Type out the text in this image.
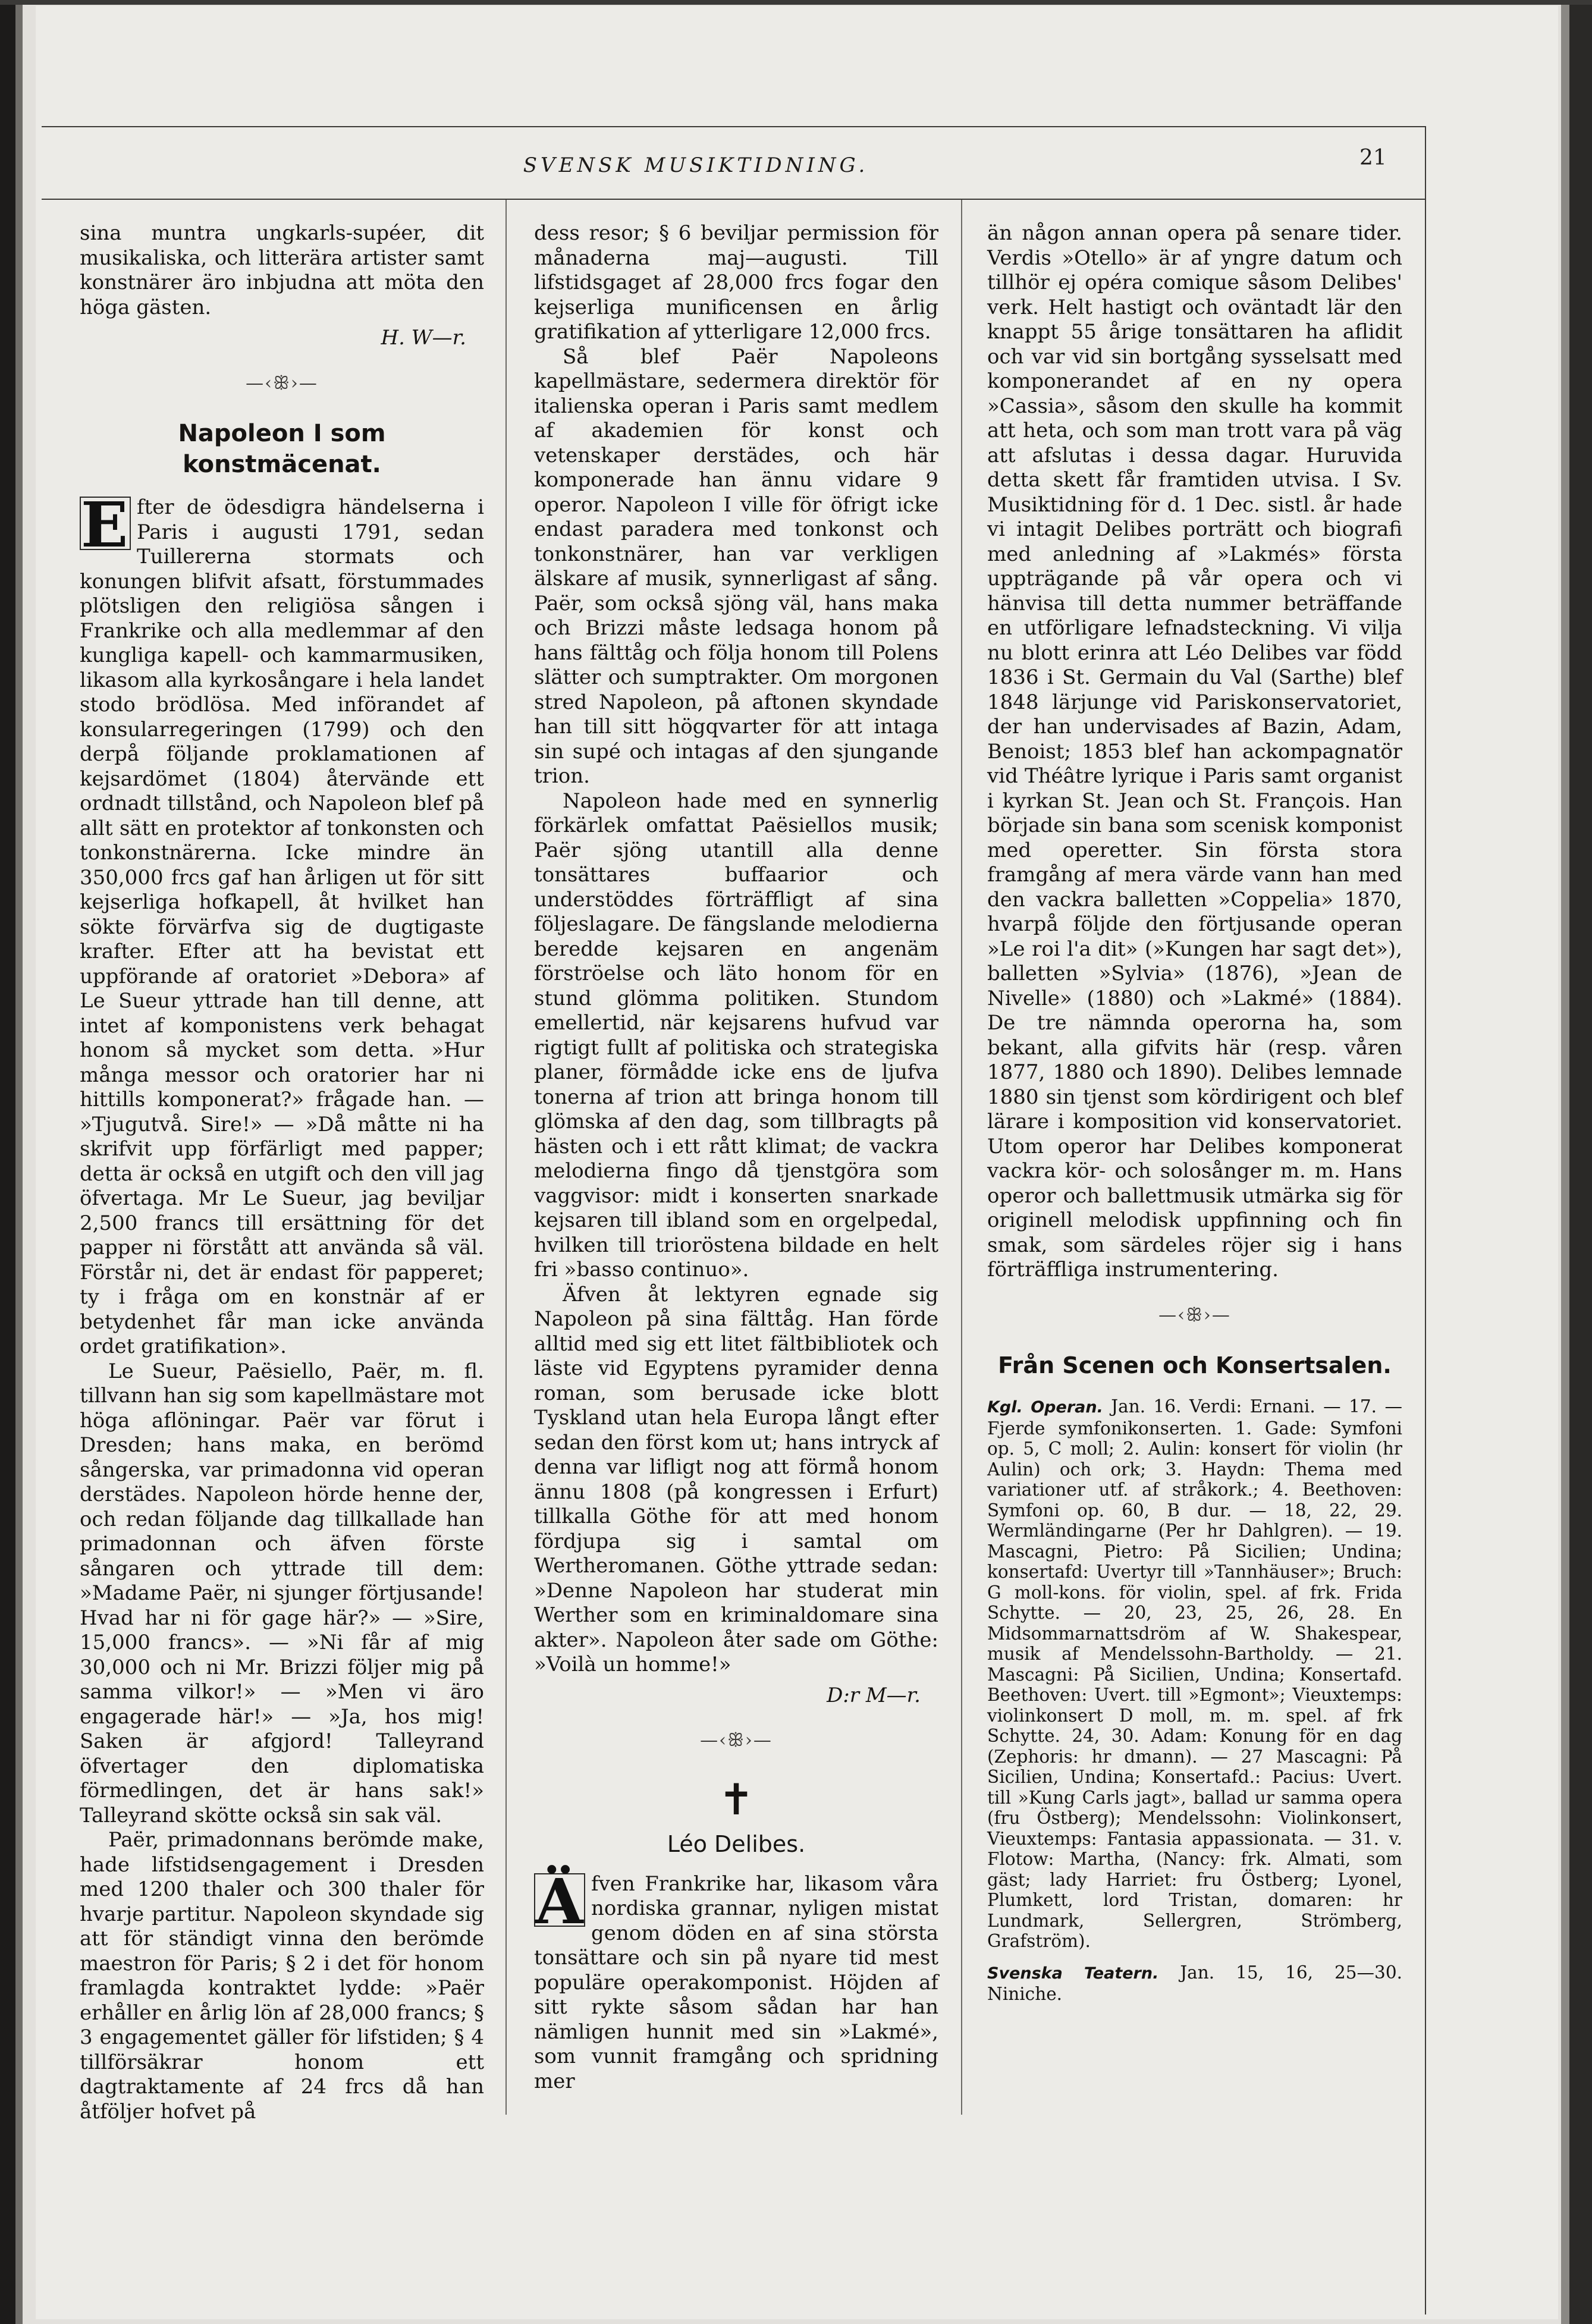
SVENSK MUSIKTIDNING.	21

sina muntra ungkarls-supéer, dit musikaliska, och litterära artister samt konstnärer äro inbjudna att möta den höga gästen.

H. W—r.
—‹ꕥ›—
Napoleon I som konstmäcenat.

E fter de ödesdigra händelserna i Paris i augusti 1791, sedan Tuillererna stormats och konungen blifvit afsatt, förstummades plötsligen den religiösa sången i Frankrike och alla medlemmar af den kungliga kapell- och kammarmusiken, likasom alla kyrkosångare i hela landet stodo brödlösa. Med införandet af konsularregeringen (1799) och den derpå följande proklamationen af kejsardömet (1804) återvände ett ordnadt tillstånd, och Napoleon blef på allt sätt en protektor af tonkonsten och tonkonstnärerna. Icke mindre än 350,000 frcs gaf han årligen ut för sitt kejserliga hofkapell, åt hvilket han sökte förvärfva sig de dugtigaste krafter. Efter att ha bevistat ett uppförande af oratoriet »Debora» af Le Sueur yttrade han till denne, att intet af komponistens verk behagat honom så mycket som detta. »Hur många messor och oratorier har ni hittills komponerat?» frågade han. — »Tjugutvå. Sire!» — »Då måtte ni ha skrifvit upp förfärligt med papper; detta är också en utgift och den vill jag öfvertaga. Mr Le Sueur, jag beviljar 2,500 francs till ersättning för det papper ni förstått att använda så väl. Förstår ni, det är endast för papperet; ty i fråga om en konstnär af er betydenhet får man icke använda ordet gratifikation».

Le Sueur, Paësiello, Paër, m. fl. tillvann han sig som kapellmästare mot höga aflöningar. Paër var förut i Dresden; hans maka, en berömd sångerska, var primadonna vid operan derstädes. Napoleon hörde henne der, och redan följande dag tillkallade han primadonnan och äfven förste sångaren och yttrade till dem: »Madame Paër, ni sjunger förtjusande! Hvad har ni för gage här?» — »Sire, 15,000 francs». — »Ni får af mig 30,000 och ni Mr. Brizzi följer mig på samma vilkor!» — »Men vi äro engagerade här!» — »Ja, hos mig! Saken är afgjord! Talleyrand öfvertager den diplomatiska förmedlingen, det är hans sak!» Talleyrand skötte också sin sak väl.

Paër, primadonnans berömde make, hade lifstidsengagement i Dresden med 1200 thaler och 300 thaler för hvarje partitur. Napoleon skyndade sig att för ständigt vinna den berömde maestron för Paris; § 2 i det för honom framlagda kontraktet lydde: »Paër erhåller en årlig lön af 28,000 francs; § 3 engagementet gäller för lifstiden; § 4 tillförsäkrar honom ett dagtraktamente af 24 frcs då han åtföljer hofvet på

dess resor; § 6 beviljar permission för månaderna maj—augusti. Till lifstidsgaget af 28,000 frcs fogar den kejserliga munificensen en årlig gratifikation af ytterligare 12,000 frcs.

Så blef Paër Napoleons kapellmästare, sedermera direktör för italienska operan i Paris samt medlem af akademien för konst och vetenskaper derstädes, och här komponerade han ännu vidare 9 operor. Napoleon I ville för öfrigt icke endast paradera med tonkonst och tonkonstnärer, han var verkligen älskare af musik, synnerligast af sång. Paër, som också sjöng väl, hans maka och Brizzi måste ledsaga honom på hans fälttåg och följa honom till Polens slätter och sumptrakter. Om morgonen stred Napoleon, på aftonen skyndade han till sitt högqvarter för att intaga sin supé och intagas af den sjungande trion.

Napoleon hade med en synnerlig förkärlek omfattat Paësiellos musik; Paër sjöng utantill alla denne tonsättares buffaarior och understöddes förträffligt af sina följeslagare. De fängslande melodierna beredde kejsaren en angenäm förströelse och läto honom för en stund glömma politiken. Stundom emellertid, när kejsarens hufvud var rigtigt fullt af politiska och strategiska planer, förmådde icke ens de ljufva tonerna af trion att bringa honom till glömska af den dag, som tillbragts på hästen och i ett rått klimat; de vackra melodierna fingo då tjenstgöra som vaggvisor: midt i konserten snarkade kejsaren till ibland som en orgelpedal, hvilken till trioröstena bildade en helt fri »basso continuo».

Äfven åt lektyren egnade sig Napoleon på sina fälttåg. Han förde alltid med sig ett litet fältbibliotek och läste vid Egyptens pyramider denna roman, som berusade icke blott Tyskland utan hela Europa långt efter sedan den först kom ut; hans intryck af denna var lifligt nog att förmå honom ännu 1808 (på kongressen i Erfurt) tillkalla Göthe för att med honom fördjupa sig i samtal om Wertheromanen. Göthe yttrade sedan: »Denne Napoleon har studerat min Werther som en kriminaldomare sina akter». Napoleon åter sade om Göthe: »Voilà un homme!»

D:r M—r.
—‹ꕥ›—
✝
Léo Delibes.

Ä fven Frankrike har, likasom våra nordiska grannar, nyligen mistat genom döden en af sina största tonsättare och sin på nyare tid mest populäre operakomponist. Höjden af sitt rykte såsom sådan har han nämligen hunnit med sin »Lakmé», som vunnit framgång och spridning mer

än någon annan opera på senare tider. Verdis »Otello» är af yngre datum och tillhör ej opéra comique såsom Delibes' verk. Helt hastigt och oväntadt lär den knappt 55 årige tonsättaren ha aflidit och var vid sin bortgång sysselsatt med komponerandet af en ny opera »Cassia», såsom den skulle ha kommit att heta, och som man trott vara på väg att afslutas i dessa dagar. Huruvida detta skett får framtiden utvisa. I Sv. Musiktidning för d. 1 Dec. sistl. år hade vi intagit Delibes porträtt och biografi med anledning af »Lakmés» första uppträgande på vår opera och vi hänvisa till detta nummer beträffande en utförligare lefnadsteckning. Vi vilja nu blott erinra att Léo Delibes var född 1836 i St. Germain du Val (Sarthe) blef 1848 lärjunge vid Pariskonservatoriet, der han undervisades af Bazin, Adam, Benoist; 1853 blef han ackompagnatör vid Théâtre lyrique i Paris samt organist i kyrkan St. Jean och St. François. Han började sin bana som scenisk komponist med operetter. Sin första stora framgång af mera värde vann han med den vackra balletten »Coppelia» 1870, hvarpå följde den förtjusande operan »Le roi l'a dit» (»Kungen har sagt det»), balletten »Sylvia» (1876), »Jean de Nivelle» (1880) och »Lakmé» (1884). De tre nämnda operorna ha, som bekant, alla gifvits här (resp. våren 1877, 1880 och 1890). Delibes lemnade 1880 sin tjenst som kördirigent och blef lärare i komposition vid konservatoriet. Utom operor har Delibes komponerat vackra kör- och solosånger m. m. Hans operor och ballettmusik utmärka sig för originell melodisk uppfinning och fin smak, som särdeles röjer sig i hans förträffliga instrumentering.

—‹ꕥ›—
Från Scenen och Konsertsalen.

Kgl. Operan. Jan. 16. Verdi: Ernani. — 17. — Fjerde symfonikonserten. 1. Gade: Symfoni op. 5, C moll; 2. Aulin: konsert för violin (hr Aulin) och ork; 3. Haydn: Thema med variationer utf. af stråkork.; 4. Beethoven: Symfoni op. 60, B dur. — 18, 22, 29. Wermländingarne (Per hr Dahlgren). — 19. Mascagni, Pietro: På Sicilien; Undina; konsertafd: Uvertyr till »Tannhäuser»; Bruch: G moll-kons. för violin, spel. af frk. Frida Schytte. — 20, 23, 25, 26, 28. En Midsommarnattsdröm af W. Shakespear, musik af Mendelssohn-Bartholdy. — 21. Mascagni: På Sicilien, Undina; Konsertafd. Beethoven: Uvert. till »Egmont»; Vieuxtemps: violinkonsert D moll, m. m. spel. af frk Schytte. 24, 30. Adam: Konung för en dag (Zephoris: hr dmann). — 27 Mascagni: På Sicilien, Undina; Konsertafd.: Pacius: Uvert. till »Kung Carls jagt», ballad ur samma opera (fru Östberg); Mendelssohn: Violinkonsert, Vieuxtemps: Fantasia appassionata. — 31. v. Flotow: Martha, (Nancy: frk. Almati, som gäst; lady Harriet: fru Östberg; Lyonel, Plumkett, lord Tristan, domaren: hr Lundmark, Sellergren, Strömberg, Grafström).

Svenska Teatern. Jan. 15, 16, 25—30. Niniche.
